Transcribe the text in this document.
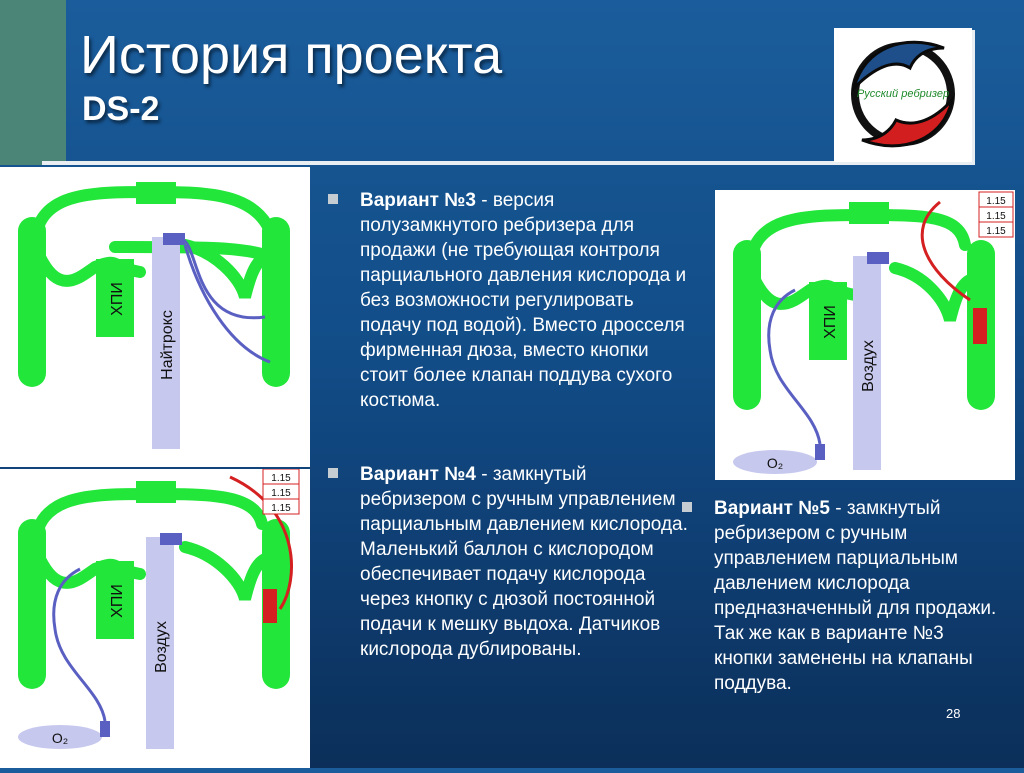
История проекта
DS-2	Русский ребризер
ХПИ
Найтрокс
1.15
1.15
1.15
ХПИ
Воздух
O₂
1.15
1.15
1.15
ХПИ
Воздух
O₂
Вариант №3 - версия полузамкнутого ребризера для продажи (не требующая контроля парциального давления кислорода и без возможности регулировать подачу под водой). Вместо дросселя фирменная дюза, вместо кнопки стоит более клапан поддува сухого костюма.
Вариант №4 - замкнутый ребризером с ручным управлением парциальным давлением кислорода. Маленький баллон с кислородом обеспечивает подачу кислорода через кнопку с дюзой постоянной подачи к мешку выдоха. Датчиков кислорода дублированы.
Вариант №5 - замкнутый ребризером с ручным управлением парциальным давлением кислорода предназначенный для продажи. Так же как в варианте №3 кнопки заменены на клапаны поддува.
28
